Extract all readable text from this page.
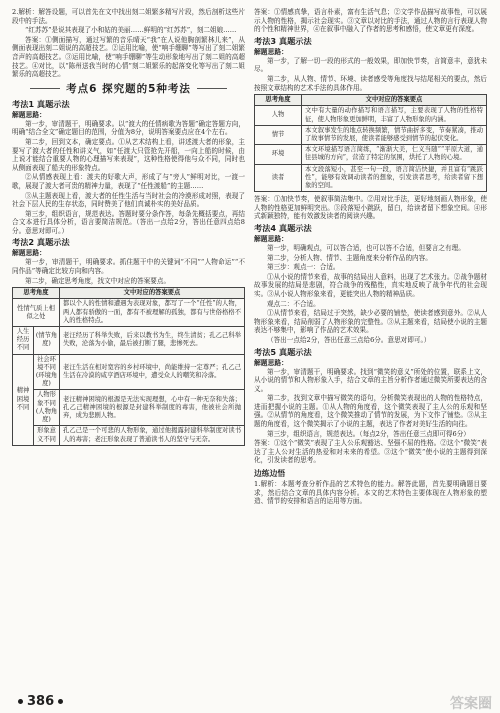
2.解析：解答设题，可以首先在文中找出刻二姐繁多精写片段，然后剖析这些片段中的手法。

“红苏苏”是说其表现了小和姑的美丽……鲜明的“红苏苏”，刻二姐娘……

答案：①侧面描写，通过写繁的音乐晴天“我”在人说他胸剖繁林儿来”，从侧面表现出刻二姐说的高超技艺。②运用比喻，使“响手绷聊”等写出了刻二姐繁音声的高超技艺。③运用比喻，使“响手绷聊”等生动形象地写出了刻二姐的高超技艺。④对比，以“陈州送我当时的心情”刻二姐繁乐的起落变化等写出了刻二姐繁乐的高超技艺。

考点6 探究题的5种考法
考法1 真题示法
解题思路：

第一步，审清题干，明确要求。以“渡大的任情病歌为答题”确定答题方向，明确“结合全文”确定题目的范围，分值为8分，说明答案要点应在4个左右。

第二步，回到文本，确定要点。①从艺术结构上看，讲述渡大者的形象，主要写了渡大者的任性和讲义气，如“任渡大只管抢先开船，一向上船的时候，由上说才能结合重要人物的心理描写来表现”，这种性格使得他与众不同，同时也从侧面表现了船夫的形象特点。

②从情感表现上看：渡夫的好歌大声，形成了与“旁人”鲜明对比，一渡一歌，展现了渡大者可贵的精神力量，表现了“任性渡船”的主题……

③从主题表现上看，渡大者的任性生活与当时社会的冷漠形成对照，表现了社会下层人民的生存状态，同时赞美了他们真诚朴实的美好品质。

第三步，组织语言，规范表达。答题时要分条作答，每条先概括要点，再结合文本进行具体分析，语言要简洁规范。（答出一点给2分，答出任意四点给8分。意思对即可。）

考法2 真题示法
解题思路：

第一步，审清题干，明确要求。抓住题干中的关键词“不同”“人物命运”“不同作品”等确定比较方向和内容。

第二步，确定思考角度，找文中对应的答案要点。

思考角度		文中对应的答案要点
性情气质上相似之处		都以个人的性情和遭遇为表现对象，都写了一个“任性”的人物，两人都有骄傲的一面，都有不被理解的孤独，都有与世俗格格不入的性格特点。
人生经历不同	(情节角度)	老汪经历了科举失败，后来以教书为生，终生清贫；孔乙己科举失败，沦落为小偷，最后被打断了腿，悲惨死去。
精神困境不同	社会环境不同(环境角度)	老汪生活在相对宽容的乡村环境中，尚能维持一定尊严；孔乙己生活在冷漠的咸亨酒店环境中，遭受众人的嘲笑和冷落。
	人物形象不同(人物角度)	老汪精神困境的根源是无法实现理想，心中有一种无奈和失落；孔乙己精神困境的根源是封建科举制度的毒害，他被社会所抛弃，成为悲剧人物。
	形象意义不同	孔乙己是一个可悲的人物形象，通过他揭露封建科举制度对读书人的毒害；老汪形象表现了普通读书人的坚守与无奈。

答案：①情感真挚，语言朴素，富有生活气息；②文学作品描写故事性，可以展示人物的性格，揭示社会现实。③文章以对比的手法，通过人物的言行表现人物的个性和精神世界，④在叙事中融入了作者的思考和感悟，使文章更有深度。

考法3 真题示法
解题思路：

第一步，了解一切一段的形式的一般效果，即加快节奏，言简意丰，意犹未尽。

第二步，从人物、情节、环境、读者感受等角度找与结尾相关的要点，然后按照文章结构的艺术手法的具体作用。

思考角度	文中对应的答案要点
人物	文中有大量的动作描写和语言描写，主要表现了人物的性格特征，使人物形象更加鲜明，丰富了人物形象的内涵。
情节	本文叙事发生的地点转换频繁，情节曲折多变，节奏紧凑，推动了故事情节的发展，使读者能够感受到情节的起伏变化。
环境	本文环境描写语言简练，“渐渐大美，仁义当随”“平原大道，通往县城的方向”，营造了特定的氛围，烘托了人物的心境。
读者	本文段落短小，甚至一句一段，语言简洁快捷，并且富有“跳跃性”，能够有效调动读者的想象，引发读者思考，给读者留下想象的空间。

答案：①加快节奏，使叙事简洁集中。②用对比手法，更好地刻画人物形象，使人物的性格更加鲜明突出。③段落短小跳跃，留白，给读者留下想象空间。④形式新颖独特，能有效激发读者的阅读兴趣。

考法4 真题示法
解题思路：

第一步，明确观点，可以答合适，也可以答不合适，但要言之有理。

第二步，分析人物、情节、主题角度来分析作品的内容。

第三步：观点一：合适。

①从小说的情节来看，故事的结局出人意料，出现了艺术张力。②战争题材故事发展的结局是悲剧，符合战争的残酷性，真实地反映了战争年代的社会现实。③从小说人物形象来看，更能突出人物的精神品质。

观点二：不合适。

①从情节来看，结局过于突然，缺少必要的铺垫，使读者感到意外。②从人物形象来看，结局削弱了人物形象的完整性。③从主题来看，结局使小说的主题表达不够集中，影响了作品的艺术效果。

（答出一点给2分，答出任意三点给6分。意思对即可。）

考法5 真题示法
解题思路：

第一步，审清题干，明确要求。找到“微笑的意义”所处的位置，联系上文，从小说的情节和人物形象入手，结合文章的主旨分析作者通过微笑所要表达的含义。

第二步，找到文章中描写微笑的语句，分析微笑表现出的人物的性格特点，进而把握小说的主题。①从人物的角度看，这个微笑表现了主人公的乐观和坚强。②从情节的角度看，这个微笑推动了情节的发展，为下文作了铺垫。③从主题的角度看，这个微笑揭示了小说的主题，表达了作者对美好生活的向往。

第三步，组织语言，规范表达。（每点2分，答出任意三点即可得6分）

答案：①这个“微笑”表现了主人公乐观豁达、坚强不屈的性格。②这个“微笑”表达了主人公对生活的热爱和对未来的希望。③这个“微笑”使小说的主题得到深化，引发读者的思考。

边练边悟

1.解析：本题考查分析作品的艺术特色的能力。解答此题，首先要明确题目要求，然后结合文章的具体内容分析。本文的艺术特色主要体现在人物形象的塑造、情节的安排和语言的运用等方面。

386	答案圈
